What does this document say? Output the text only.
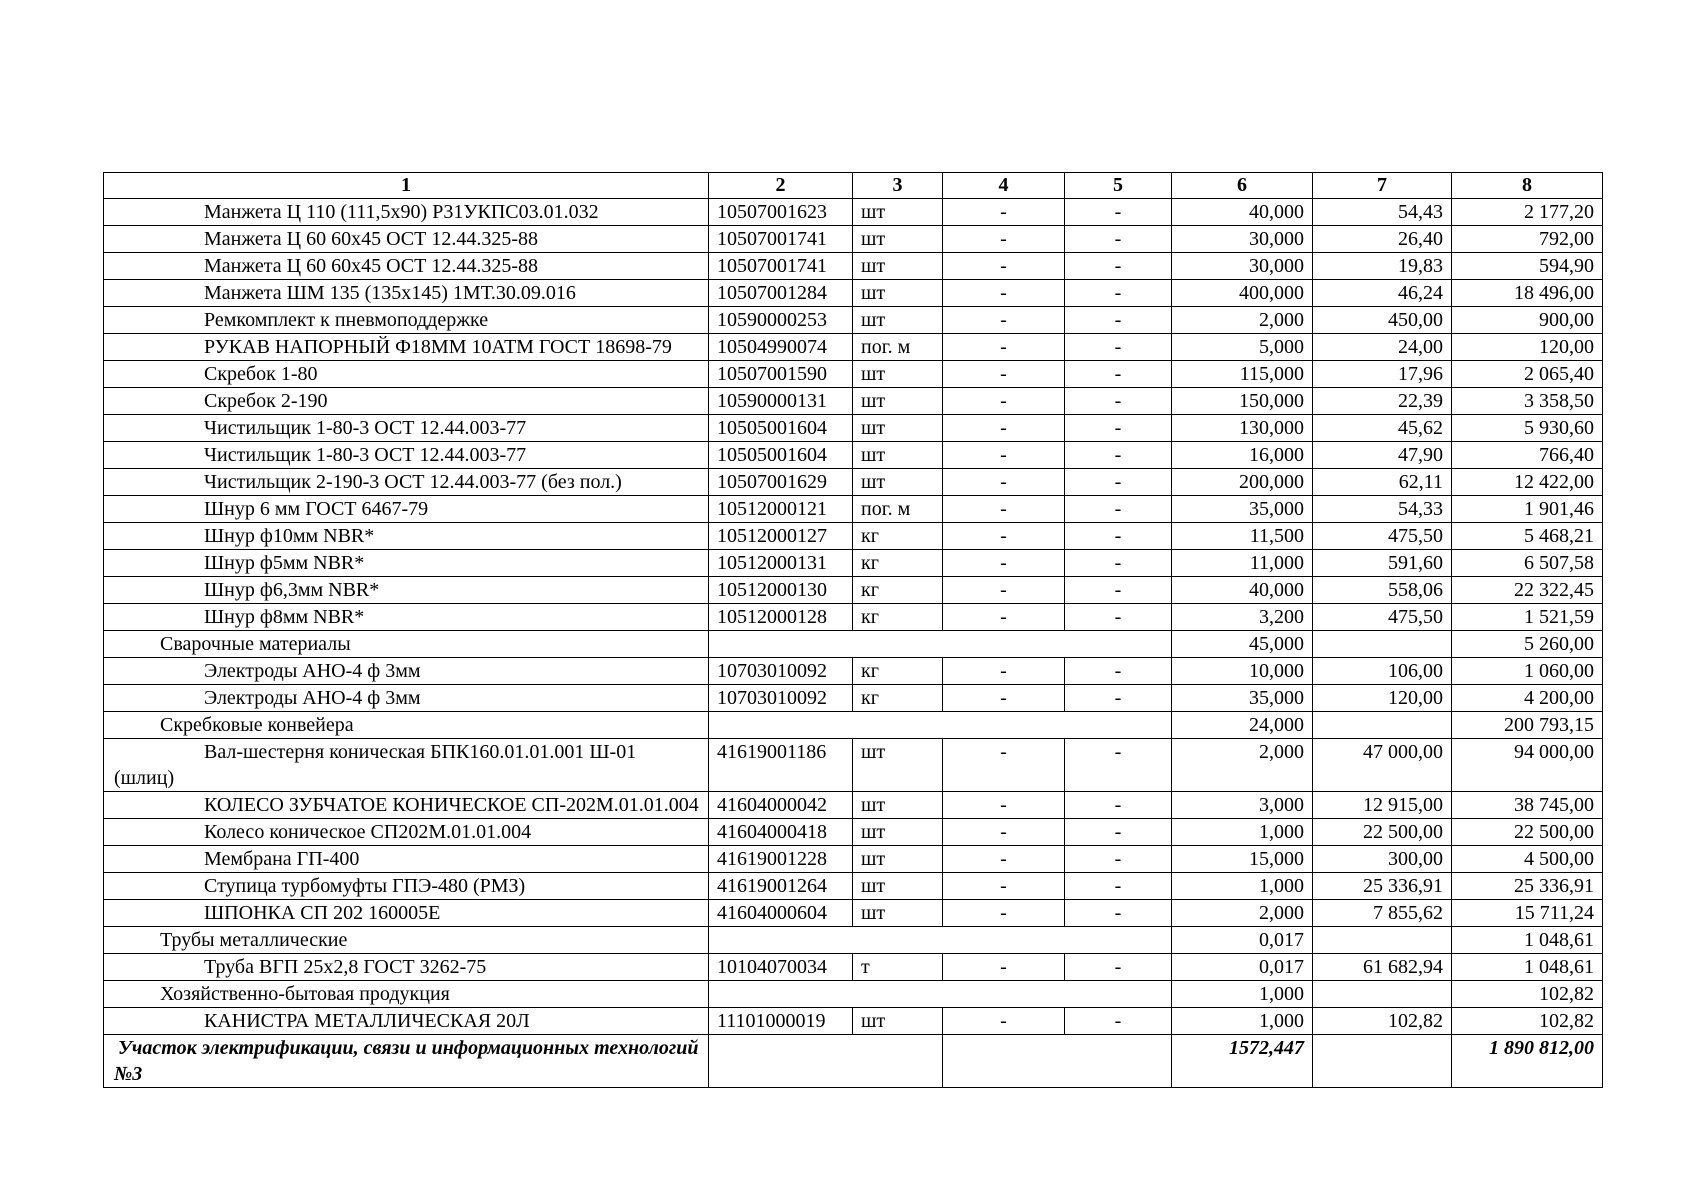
1	2	3	4	5	6	7	8
Манжета Ц 110 (111,5х90) Р31УКПС03.01.032	10507001623	шт	-	-	40,000	54,43	2 177,20
Манжета Ц 60 60х45 ОСТ 12.44.325-88	10507001741	шт	-	-	30,000	26,40	792,00
Манжета Ц 60 60х45 ОСТ 12.44.325-88	10507001741	шт	-	-	30,000	19,83	594,90
Манжета ШМ 135 (135х145) 1МТ.30.09.016	10507001284	шт	-	-	400,000	46,24	18 496,00
Ремкомплект к пневмоподдержке	10590000253	шт	-	-	2,000	450,00	900,00
РУКАВ НАПОРНЫЙ Ф18ММ 10АТМ ГОСТ 18698-79	10504990074	пог. м	-	-	5,000	24,00	120,00
Скребок 1-80	10507001590	шт	-	-	115,000	17,96	2 065,40
Скребок 2-190	10590000131	шт	-	-	150,000	22,39	3 358,50
Чистильщик 1-80-3 ОСТ 12.44.003-77	10505001604	шт	-	-	130,000	45,62	5 930,60
Чистильщик 1-80-3 ОСТ 12.44.003-77	10505001604	шт	-	-	16,000	47,90	766,40
Чистильщик 2-190-3 ОСТ 12.44.003-77 (без пол.)	10507001629	шт	-	-	200,000	62,11	12 422,00
Шнур 6 мм ГОСТ 6467-79	10512000121	пог. м	-	-	35,000	54,33	1 901,46
Шнур ф10мм NBR*	10512000127	кг	-	-	11,500	475,50	5 468,21
Шнур ф5мм NBR*	10512000131	кг	-	-	11,000	591,60	6 507,58
Шнур ф6,3мм NBR*	10512000130	кг	-	-	40,000	558,06	22 322,45
Шнур ф8мм NBR*	10512000128	кг	-	-	3,200	475,50	1 521,59
Сварочные материалы					45,000		5 260,00
Электроды АНО-4 ф 3мм	10703010092	кг	-	-	10,000	106,00	1 060,00
Электроды АНО-4 ф 3мм	10703010092	кг	-	-	35,000	120,00	4 200,00
Скребковые конвейера					24,000		200 793,15
Вал-шестерня коническая БПК160.01.01.001 Ш-01 (шлиц)	41619001186	шт	-	-	2,000	47 000,00	94 000,00
КОЛЕСО ЗУБЧАТОЕ КОНИЧЕСКОЕ СП-202М.01.01.004	41604000042	шт	-	-	3,000	12 915,00	38 745,00
Колесо коническое СП202М.01.01.004	41604000418	шт	-	-	1,000	22 500,00	22 500,00
Мембрана ГП-400	41619001228	шт	-	-	15,000	300,00	4 500,00
Ступица турбомуфты ГПЭ-480 (РМЗ)	41619001264	шт	-	-	1,000	25 336,91	25 336,91
ШПОНКА СП 202 160005Е	41604000604	шт	-	-	2,000	7 855,62	15 711,24
Трубы металлические					0,017		1 048,61
Труба ВГП 25х2,8 ГОСТ 3262-75	10104070034	т	-	-	0,017	61 682,94	1 048,61
Хозяйственно-бытовая продукция					1,000		102,82
КАНИСТРА МЕТАЛЛИЧЕСКАЯ 20Л	11101000019	шт	-	-	1,000	102,82	102,82
Участок электрификации, связи и информационных технологий №3					1572,447		1 890 812,00
